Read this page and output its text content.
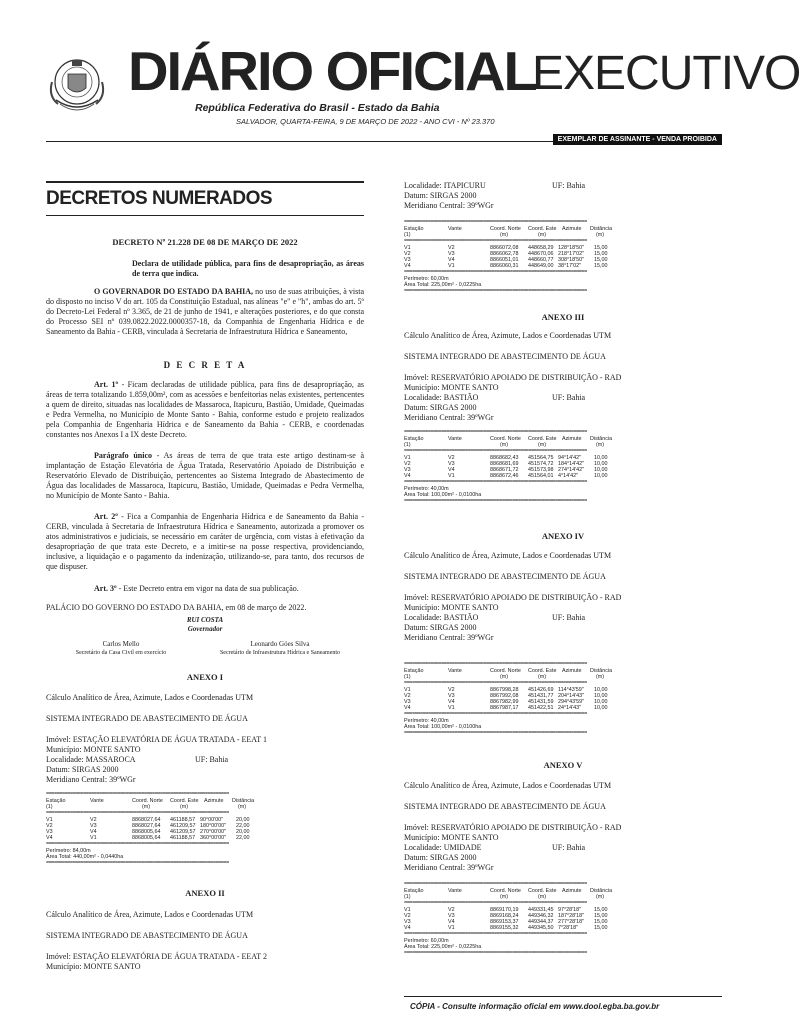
DIÁRIO OFICIAL
EXECUTIVO
República Federativa do Brasil - Estado da Bahia
SALVADOR, QUARTA-FEIRA, 9 DE MARÇO DE 2022 - ANO CVI - Nº 23.370
EXEMPLAR DE ASSINANTE - VENDA PROIBIDA
DECRETOS NUMERADOS
DECRETO Nº 21.228 DE 08 DE MARÇO DE 2022
Declara de utilidade pública, para fins de desapropriação, as áreas de terra que indica.
O GOVERNADOR DO ESTADO DA BAHIA, no uso de suas atribuições, à vista do disposto no inciso V do art. 105 da Constituição Estadual, nas alíneas "e" e "h", ambas do art. 5º do Decreto-Lei Federal nº 3.365, de 21 de junho de 1941, e alterações posteriores, e do que consta do Processo SEI nº 039.0822.2022.0000357-18, da Companhia de Engenharia Hídrica e de Saneamento da Bahia - CERB, vinculada à Secretaria de Infraestrutura Hídrica e Saneamento,
D E C R E T A
Art. 1º - Ficam declaradas de utilidade pública, para fins de desapropriação, as áreas de terra totalizando 1.859,00m², com as acessões e benfeitorias nelas existentes, pertencentes a quem de direito, situadas nas localidades de Massaroca, Itapicuru, Bastião, Umidade, Queimadas e Pedra Vermelha, no Município de Monte Santo - Bahia, conforme estudo e projeto realizados pela Companhia de Engenharia Hídrica e de Saneamento da Bahia - CERB, e coordenadas constantes nos Anexos I a IX deste Decreto.
Parágrafo único - As áreas de terra de que trata este artigo destinam-se à implantação de Estação Elevatória de Água Tratada, Reservatório Apoiado de Distribuição e Reservatório Elevado de Distribuição, pertencentes ao Sistema Integrado de Abastecimento de Água das localidades de Massaroca, Itapicuru, Bastião, Umidade, Queimadas e Pedra Vermelha, no Município de Monte Santo - Bahia.
Art. 2º - Fica a Companhia de Engenharia Hídrica e de Saneamento da Bahia - CERB, vinculada à Secretaria de Infraestrutura Hídrica e Saneamento, autorizada a promover os atos administrativos e judiciais, se necessário em caráter de urgência, com vistas à efetivação da desapropriação de que trata este Decreto, e a imitir-se na posse respectiva, providenciando, inclusive, a liquidação e o pagamento da indenização, utilizando-se, para tanto, dos recursos de que dispuser.
Art. 3º - Este Decreto entra em vigor na data de sua publicação.
PALÁCIO DO GOVERNO DO ESTADO DA BAHIA, em 08 de março de 2022.
RUI COSTA
Governador
Carlos Mello
Secretário da Casa Civil em exercício
Leonardo Góes Silva
Secretário de Infraestrutura Hídrica e Saneamento
ANEXO I
Cálculo Analítico de Área, Azimute, Lados e Coordenadas UTM
SISTEMA INTEGRADO DE ABASTECIMENTO DE ÁGUA
Imóvel: ESTAÇÃO ELEVATÓRIA DE ÁGUA TRATADA - EEAT 1
Município: MONTE SANTO
Localidade: MASSAROCA	UF: Bahia
Datum: SIRGAS 2000
Meridiano Central: 39ºWGr
=====================================================================
Estação	Vante	Coord. Norte Coord. Este Azimute Distância
(1)	(m)	(m)	(m)
=====================================================================
V1	V2	8868027,64 461188,57 90°00'00" 20,00
V2	V3	8868027,64 461209,57 180°00'00" 22,00
V3	V4	8868005,64 461209,57 270°00'00" 20,00
V4	V1	8868005,64 461188,57 360°00'00" 22,00
=====================================================================
Perímetro: 84,00m
Área Total: 440,00m² - 0,0440ha
=====================================================================
ANEXO II
Cálculo Analítico de Área, Azimute, Lados e Coordenadas UTM
SISTEMA INTEGRADO DE ABASTECIMENTO DE ÁGUA
Imóvel: ESTAÇÃO ELEVATÓRIA DE ÁGUA TRATADA - EEAT 2
Município: MONTE SANTO
Localidade: ITAPICURU	UF: Bahia
Datum: SIRGAS 2000
Meridiano Central: 39ºWGr
=====================================================================
Estação	Vante	Coord. Norte Coord. Este Azimute Distância
(1)	(m)	(m)	(m)
=====================================================================
V1	V2	8866072,08 448658,29 128°18'50" 15,00
V2	V3	8866062,78 448670,06 218°17'02" 15,00
V3	V4	8866051,01 448660,77 308°18'50" 15,00
V4	V1	8866060,31 448649,00 38°17'02" 15,00
=====================================================================
Perímetro: 60,00m
Área Total: 225,00m² - 0,0225ha
=====================================================================
ANEXO III
Cálculo Analítico de Área, Azimute, Lados e Coordenadas UTM
SISTEMA INTEGRADO DE ABASTECIMENTO DE ÁGUA
Imóvel: RESERVATÓRIO APOIADO DE DISTRIBUIÇÃO - RAD
Município: MONTE SANTO
Localidade: BASTIÃO	UF: Bahia
Datum: SIRGAS 2000
Meridiano Central: 39ºWGr
=====================================================================
Estação	Vante	Coord. Norte Coord. Este Azimute Distância
(1)	(m)	(m)	(m)
=====================================================================
V1	V2	8868682,43 451564,75 94°14'42" 10,00
V2	V3	8868681,69 451574,72 184°14'42" 10,00
V3	V4	8868671,72 451573,98 274°14'42" 10,00
V4	V1	8868672,46 451564,01 4°14'42"	10,00
=====================================================================
Perímetro: 40,00m
Área Total: 100,00m² - 0,0100ha
=====================================================================
ANEXO IV
Cálculo Analítico de Área, Azimute, Lados e Coordenadas UTM
SISTEMA INTEGRADO DE ABASTECIMENTO DE ÁGUA
Imóvel: RESERVATÓRIO APOIADO DE DISTRIBUIÇÃO - RAD
Município: MONTE SANTO
Localidade: BASTIÃO	UF: Bahia
Datum: SIRGAS 2000
Meridiano Central: 39ºWGr
=====================================================================
Estação	Vante	Coord. Norte Coord. Este Azimute Distância
(1)	(m)	(m)	(m)
=====================================================================
V1	V2	8867998,28 451426,69 114°43'59" 10,00
V2	V3	8867992,08 451431,77 204°14'43" 10,00
V3	V4	8867982,99 451431,59 294°43'59" 10,00
V4	V1	8867987,17 451422,51 24°14'43" 10,00
=====================================================================
Perímetro: 40,00m
Área Total: 100,00m² - 0,0100ha
=====================================================================
ANEXO V
Cálculo Analítico de Área, Azimute, Lados e Coordenadas UTM
SISTEMA INTEGRADO DE ABASTECIMENTO DE ÁGUA
Imóvel: RESERVATÓRIO APOIADO DE DISTRIBUIÇÃO - RAD
Município: MONTE SANTO
Localidade: UMIDADE	UF: Bahia
Datum: SIRGAS 2000
Meridiano Central: 39ºWGr
=====================================================================
Estação	Vante	Coord. Norte Coord. Este Azimute Distância
(1)	(m)	(m)	(m)
=====================================================================
V1	V2	8869170,19 449331,45 97°28'18" 15,00
V2	V3	8869168,24 449346,32 187°28'18" 15,00
V3	V4	8869153,37 449344,37 277°28'18" 15,00
V4	V1	8869155,32 449345,50 7°28'18"	15,00
=====================================================================
Perímetro: 60,00m
Área Total: 225,00m² - 0,0225ha
=====================================================================
CÓPIA - Consulte informação oficial em www.dool.egba.ba.gov.br
